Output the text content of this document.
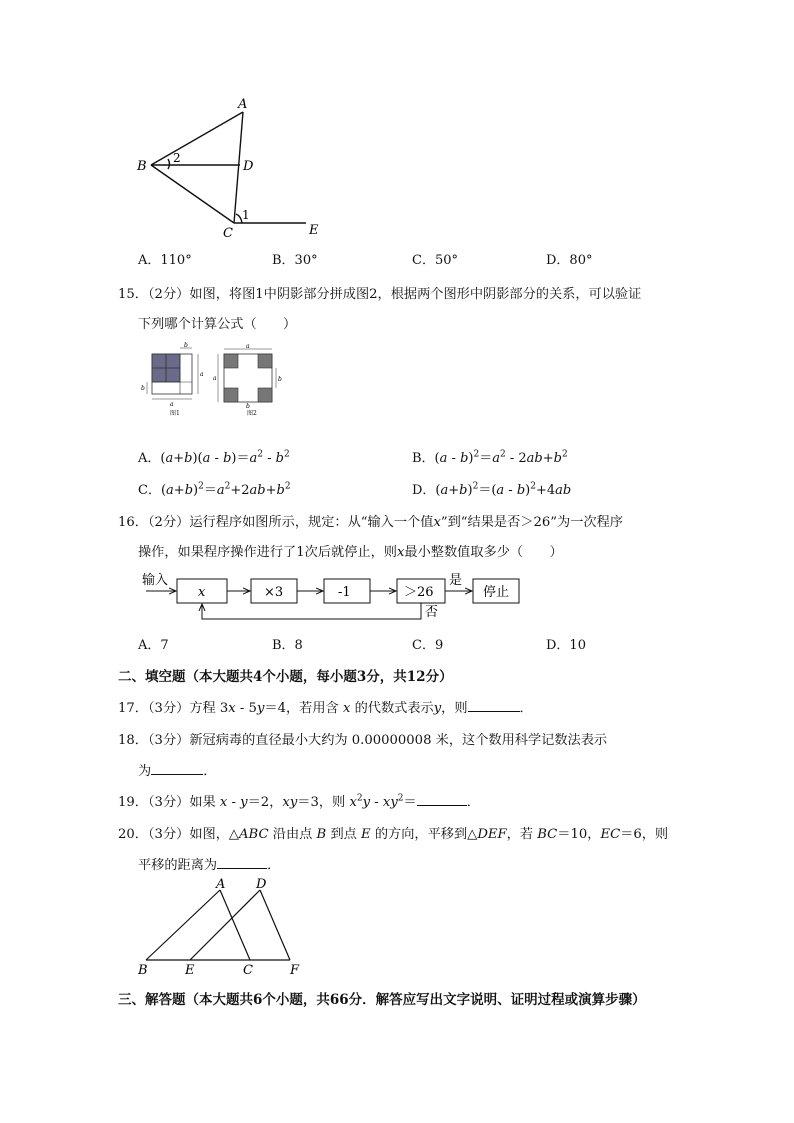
A
B	D
C	E
2
1
A．110°	B．30°	C．50°	D．80°
15．（2分）如图，将图1中阴影部分拼成图2，根据两个图形中阴影部分的关系，可以验证
下列哪个计算公式（　　）
b
a
a
b
a
a	b
b
图1	图2
A．$(a+b)(a - b)=a^2 - b^2$	B．$(a - b)^2=a^2 - 2ab+b^2$
C．$(a+b)^2=a^2+2ab+b^2$	D．$(a+b)^2=(a - b)^2+4ab$
16．（2分）运行程序如图所示，规定：从“输入一个值x”到“结果是否＞26”为一次程序
操作，如果程序操作进行了1次后就停止，则x最小整数值取多少（　　）
输入
x	×3	-1	＞26
是
否
停止
A．7	B．8	C．9	D．10
二、填空题（本大题共4个小题，每小题3分，共12分）
17．（3分）方程 3x - 5y＝4，若用含 x 的代数式表示y，则	．
18．（3分）新冠病毒的直径最小大约为 0.00000008 米，这个数用科学记数法表示
为	．
19．（3分）如果 x - y＝2，xy＝3，则 $x^2y - xy^2=$	．
20．（3分）如图，△ABC 沿由点 B 到点 E 的方向，平移到△DEF，若 BC＝10，EC＝6，则
平移的距离为	．
A D
B	E	C	F
三、解答题（本大题共6个小题，共66分．解答应写出文字说明、证明过程或演算步骤）
